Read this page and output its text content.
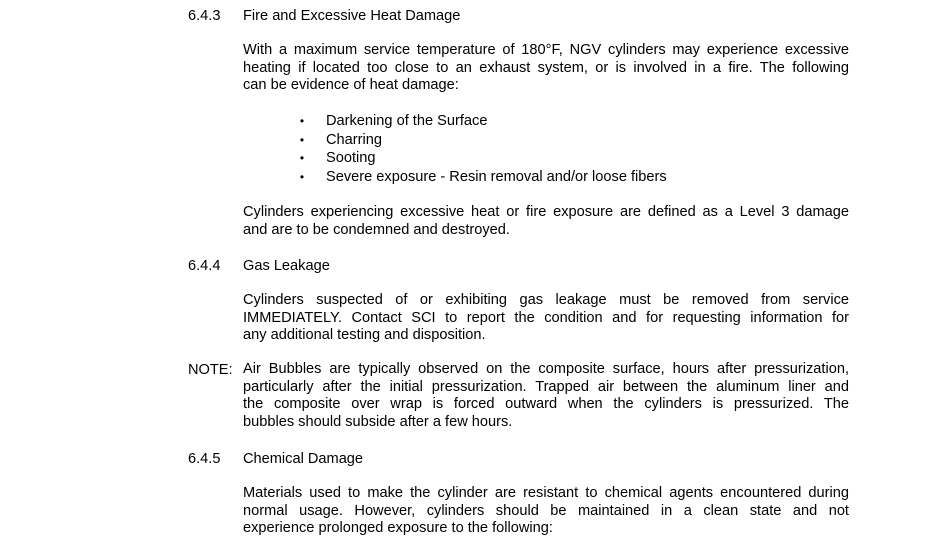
6.4.3 Fire and Excessive Heat Damage
With a maximum service temperature of 180°F, NGV cylinders may experience excessive
heating if located too close to an exhaust system, or is involved in a fire. The following
can be evidence of heat damage:
• Darkening of the Surface
• Charring
• Sooting
• Severe exposure - Resin removal and/or loose fibers
Cylinders experiencing excessive heat or fire exposure are defined as a Level 3 damage
and are to be condemned and destroyed.
6.4.4 Gas Leakage
Cylinders suspected of or exhibiting gas leakage must be removed from service
IMMEDIATELY. Contact SCI to report the condition and for requesting information for
any additional testing and disposition.
NOTE: Air Bubbles are typically observed on the composite surface, hours after pressurization,
particularly after the initial pressurization. Trapped air between the aluminum liner and
the composite over wrap is forced outward when the cylinders is pressurized. The
bubbles should subside after a few hours.
6.4.5 Chemical Damage
Materials used to make the cylinder are resistant to chemical agents encountered during
normal usage. However, cylinders should be maintained in a clean state and not
experience prolonged exposure to the following:
